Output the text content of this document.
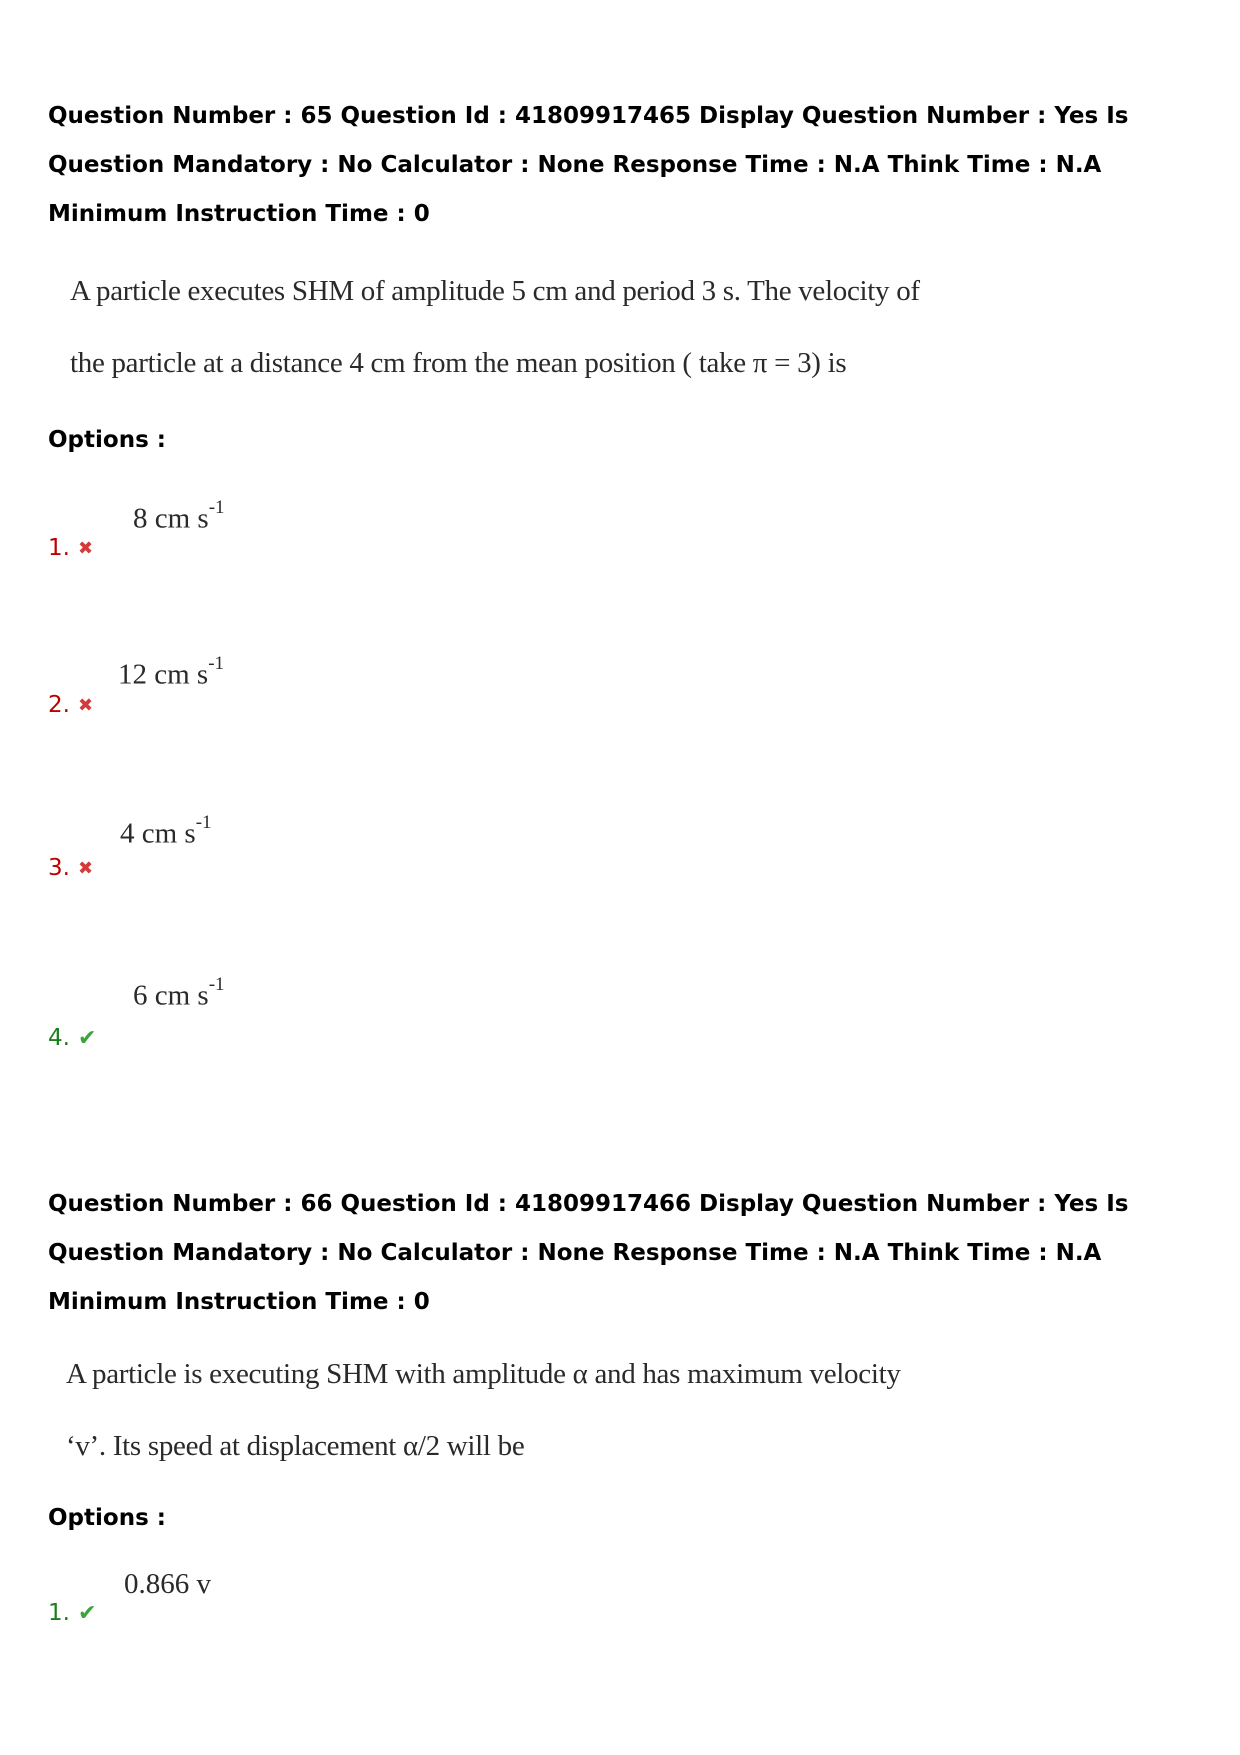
Question Number : 65 Question Id : 41809917465 Display Question Number : Yes Is Question Mandatory : No Calculator : None Response Time : N.A Think Time : N.A Minimum Instruction Time : 0

A particle executes SHM of amplitude 5 cm and period 3 s. The velocity of

the particle at a distance 4 cm from the mean position ( take π = 3) is

Options :

1. ✖
8 cm $s^{-1}$
2. ✖
12 cm $s^{-1}$
3. ✖
4 cm $s^{-1}$
4. ✔
6 cm $s^{-1}$

Question Number : 66 Question Id : 41809917466 Display Question Number : Yes Is Question Mandatory : No Calculator : None Response Time : N.A Think Time : N.A Minimum Instruction Time : 0

A particle is executing SHM with amplitude α and has maximum velocity

‘v’. Its speed at displacement α/2 will be

Options :

1. ✔
0.866 v
